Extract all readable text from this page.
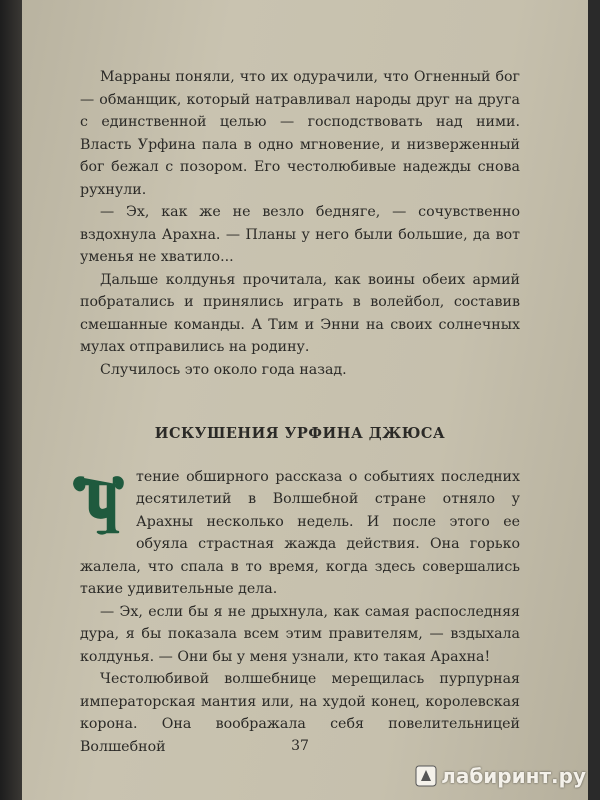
Марраны поняли, что их одурачили, что Огненный бог — обманщик, который натравливал народы друг на друга с единственной целью — господствовать над ними. Власть Урфина пала в одно мгновение, и низверженный бог бежал с позором. Его честолюбивые надежды снова рухнули.

— Эх, как же не везло бедняге, — сочувственно вздохнула Арахна. — Планы у него были большие, да вот уменья не хватило...

Дальше колдунья прочитала, как воины обеих армий побратались и принялись играть в волейбол, составив смешанные команды. А Тим и Энни на своих солнечных мулах отправились на родину.

Случилось это около года назад.

ИСКУШЕНИЯ УРФИНА ДЖЮСА

Ч
тение обширного рассказа о событиях последних десятилетий в Волшебной стране отняло у Арахны несколько недель. И после этого ее обуяла страстная жажда действия. Она горько жалела, что спала в то время, когда здесь совершались такие удивительные дела.

— Эх, если бы я не дрыхнула, как самая распоследняя дура, я бы показала всем этим правителям, — вздыхала колдунья. — Они бы у меня узнали, кто такая Арахна!

Честолюбивой волшебнице мерещилась пурпурная императорская мантия или, на худой конец, королевская корона. Она воображала себя повелительницей Волшебной	37
лабиринт.ру
